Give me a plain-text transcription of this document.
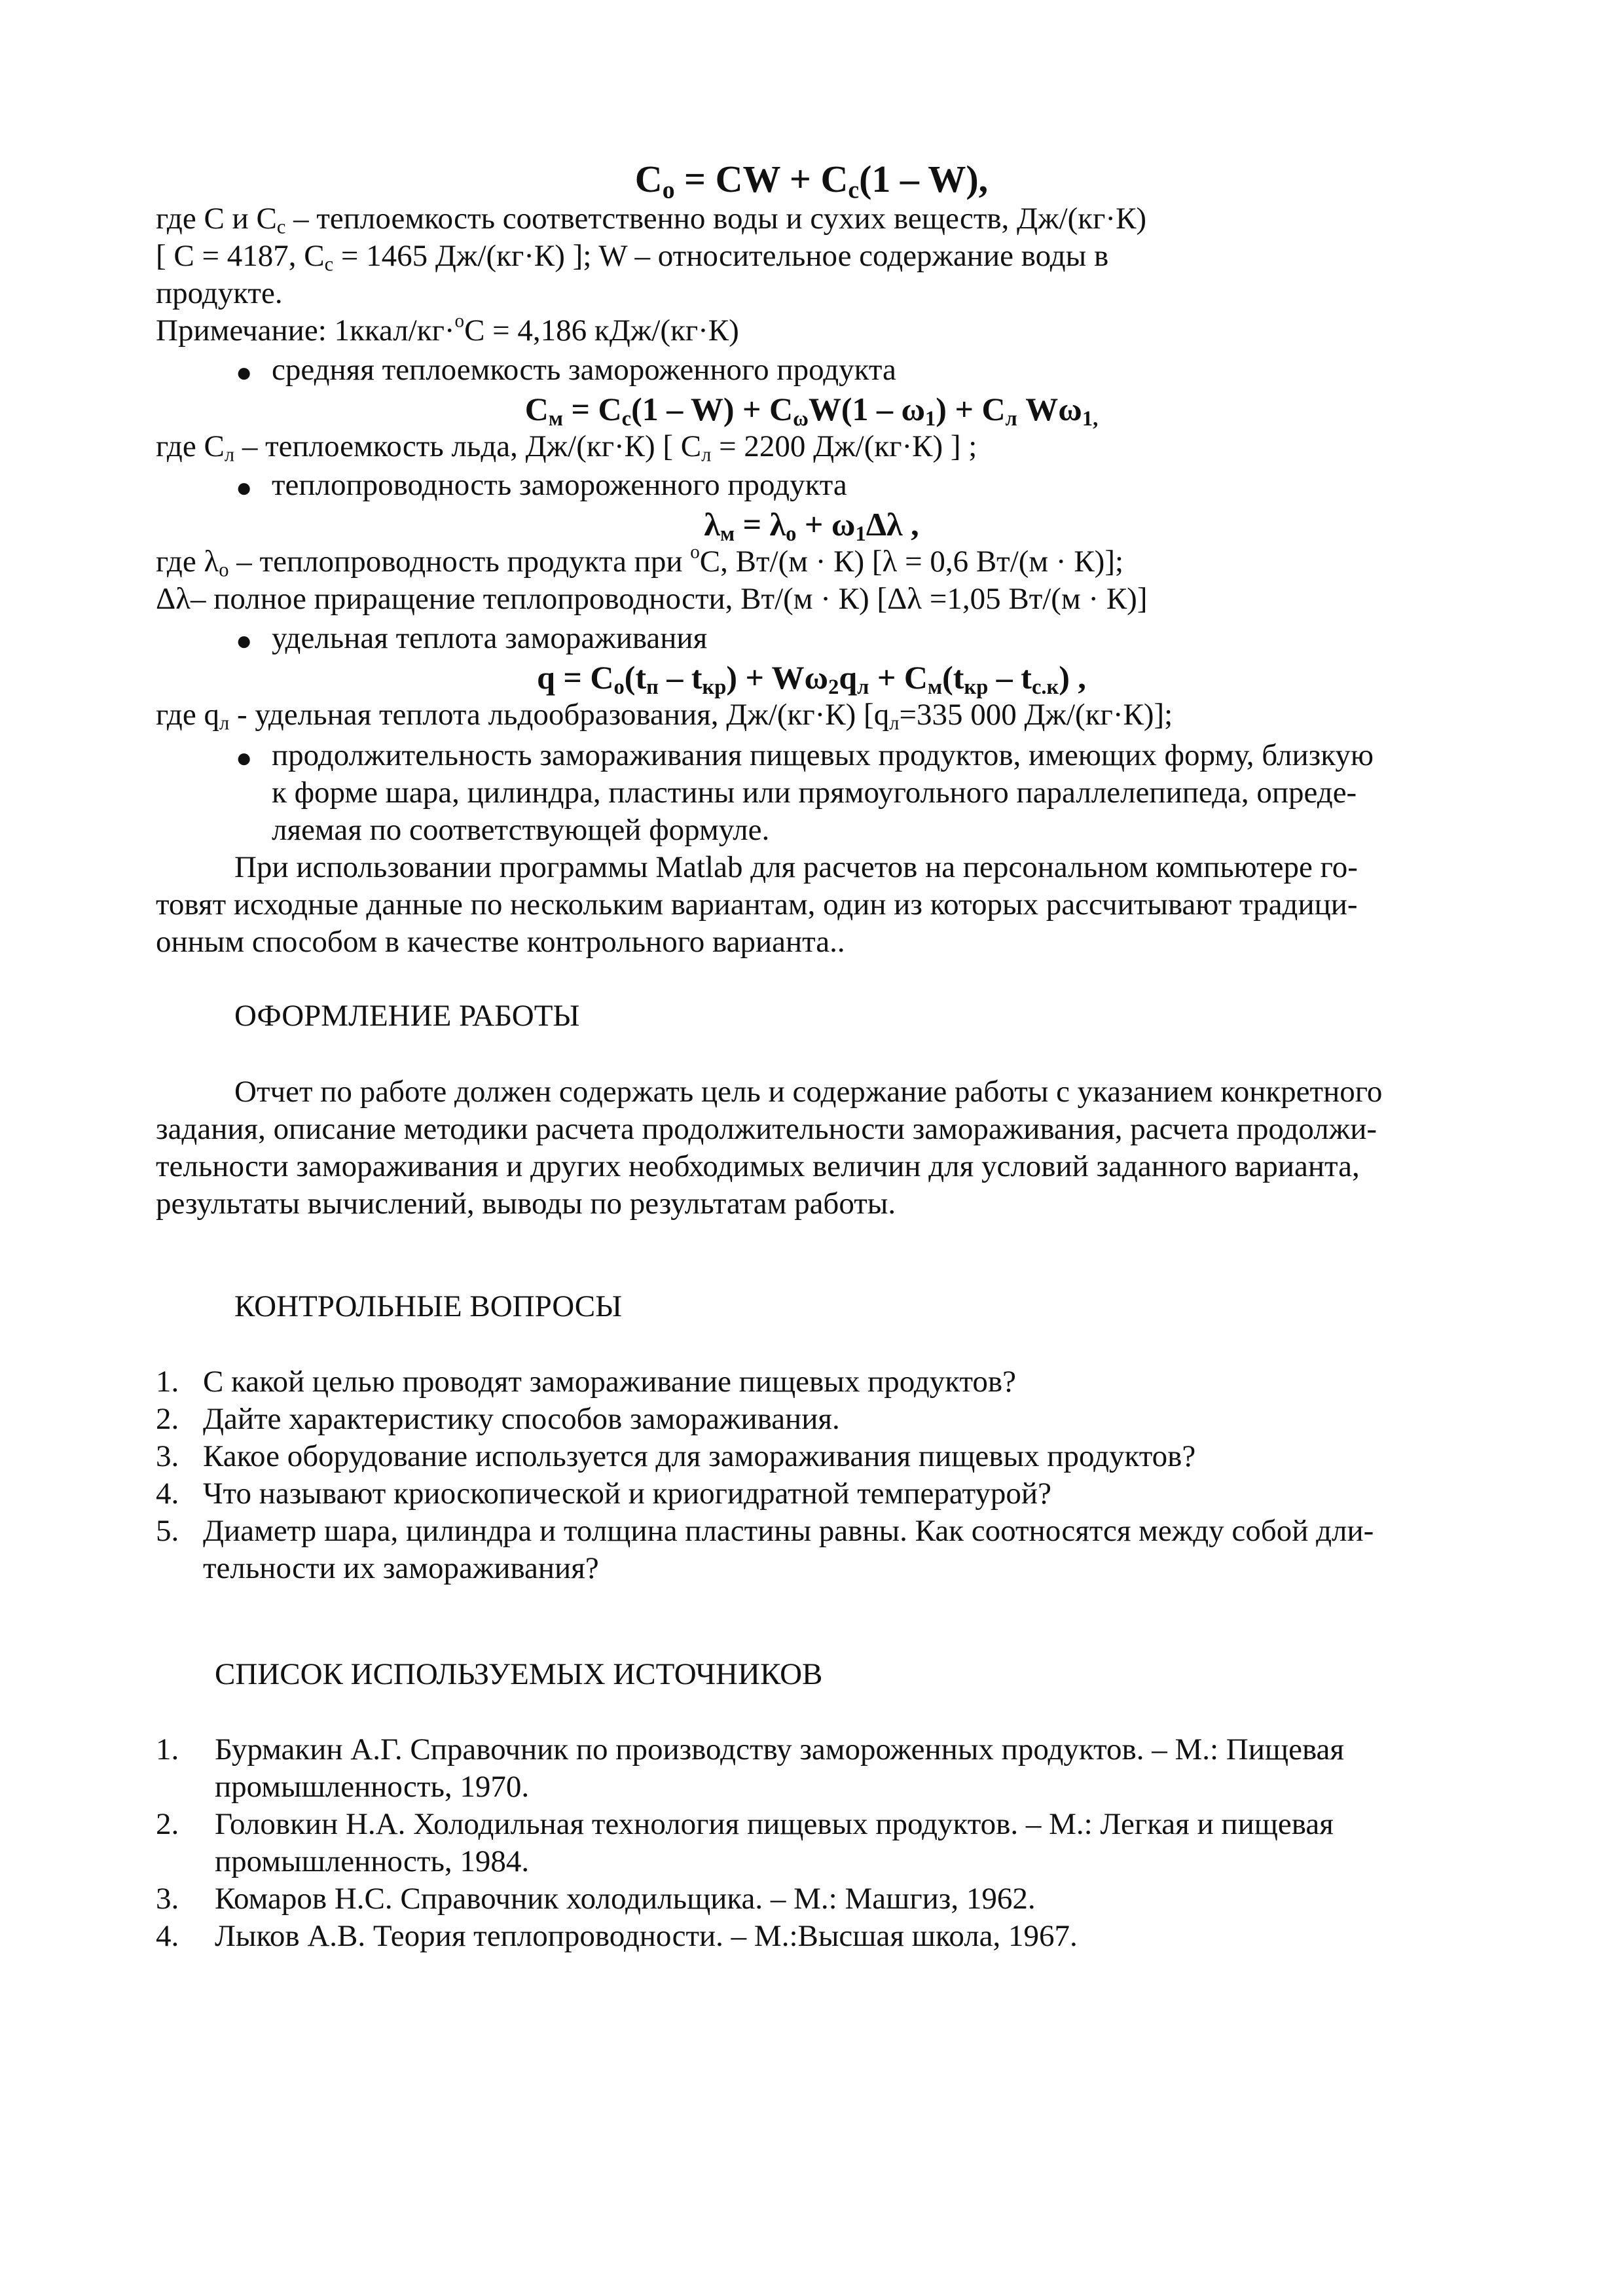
$C_o$ = CW + $C_c(1 - W)$,
где C и $C_c$ – теплоемкость соответственно воды и сухих веществ, Дж/(кг·К)
[ C = 4187, $C_c = 1465$ Дж/(кг·К) ]; W – относительное содержание воды в
продукте.
Примечание: 1ккал/кг·$^o$С = 4,186 кДж/(кг·К)
● средняя теплоемкость замороженного продукта
$C_м = C_c(1 - W) + C_\omega W(1 - \omega_1) + C_л$ $W\omega_{1,}$
где $C_л$ – теплоемкость льда, Дж/(кг·К) [ $C_л = 2200$ Дж/(кг·К) ] ;
● теплопроводность замороженного продукта
$\lambda_м = \lambda_o + \omega_1\Delta\lambda$ ,
где $\lambda_o$ – теплопроводность продукта при $^o$С, Вт/(м · К) [λ = 0,6 Вт/(м · К)];
Δλ– полное приращение теплопроводности, Вт/(м · К) [Δλ =1,05 Вт/(м · К)]
● удельная теплота замораживания
$q = C_o(t_п - t_{кр}) + W\omega_2q_л + C_м(t_{кр} - t_{с.к})$ ,
где $q_л$ - удельная теплота льдообразования, Дж/(кг·К) [$q_л=335$ 000 Дж/(кг·К)];
● продолжительность замораживания пищевых продуктов, имеющих форму, близкую
к форме шара, цилиндра, пластины или прямоугольного параллелепипеда, опреде-
ляемая по соответствующей формуле.
При использовании программы Matlab для расчетов на персональном компьютере го-
товят исходные данные по нескольким вариантам, один из которых рассчитывают традици-
онным способом в качестве контрольного варианта..
ОФОРМЛЕНИЕ РАБОТЫ
Отчет по работе должен содержать цель и содержание работы с указанием конкретного
задания, описание методики расчета продолжительности замораживания, расчета продолжи-
тельности замораживания и других необходимых величин для условий заданного варианта,
результаты вычислений, выводы по результатам работы.
КОНТРОЛЬНЫЕ ВОПРОСЫ
1. С какой целью проводят замораживание пищевых продуктов?
2. Дайте характеристику способов замораживания.
3. Какое оборудование используется для замораживания пищевых продуктов?
4. Что называют криоскопической и криогидратной температурой?
5. Диаметр шара, цилиндра и толщина пластины равны. Как соотносятся между собой дли-
тельности их замораживания?
СПИСОК ИСПОЛЬЗУЕМЫХ ИСТОЧНИКОВ
1. Бурмакин А.Г. Справочник по производству замороженных продуктов. – М.: Пищевая
промышленность, 1970.
2. Головкин Н.А. Холодильная технология пищевых продуктов. – М.: Легкая и пищевая
промышленность, 1984.
3. Комаров Н.С. Справочник холодильщика. – М.: Машгиз, 1962.
4. Лыков А.В. Теория теплопроводности. – М.:Высшая школа, 1967.
